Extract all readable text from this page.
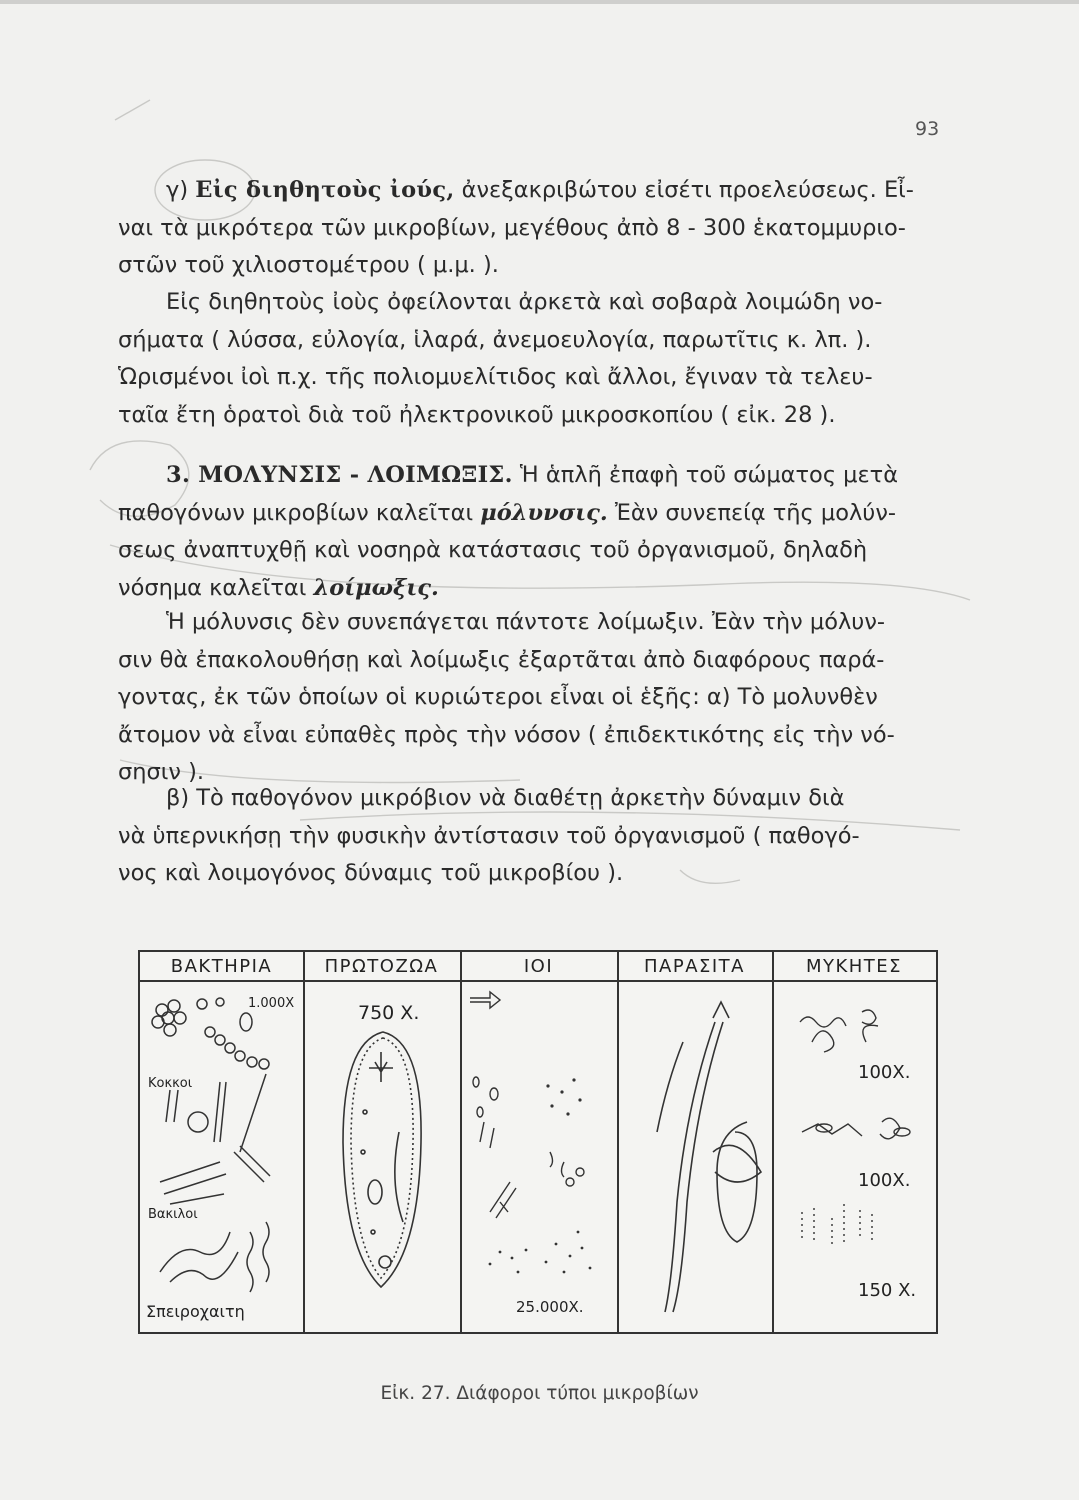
93
γ) Εἰς διηθητοὺς ἰούς, ἀνεξακριβώτου εἰσέτι προελεύσεως. Εἶ-
ναι τὰ μικρότερα τῶν μικροβίων, μεγέθους ἀπὸ 8 - 300 ἑκατομμυριο-
στῶν τοῦ χιλιοστομέτρου ( μ.μ. ).
Εἰς διηθητοὺς ἰοὺς ὀφείλονται ἀρκετὰ καὶ σοβαρὰ λοιμώδη νο-
σήματα ( λύσσα, εὐλογία, ἱλαρά, ἀνεμοευλογία, παρωτῖτις κ. λπ. ).
Ὡρισμένοι ἰοὶ π.χ. τῆς πολιομυελίτιδος καὶ ἄλλοι, ἔγιναν τὰ τελευ-
ταῖα ἔτη ὁρατοὶ διὰ τοῦ ἠλεκτρονικοῦ μικροσκοπίου ( εἰκ. 28 ).
3. ΜΟΛΥΝΣΙΣ - ΛΟΙΜΩΞΙΣ. Ἡ ἁπλῆ ἐπαφὴ τοῦ σώματος μετὰ
παθογόνων μικροβίων καλεῖται μόλυνσις. Ἐὰν συνεπείᾳ τῆς μολύν-
σεως ἀναπτυχθῇ καὶ νοσηρὰ κατάστασις τοῦ ὀργανισμοῦ, δηλαδὴ
νόσημα καλεῖται λοίμωξις.
Ἡ μόλυνσις δὲν συνεπάγεται πάντοτε λοίμωξιν. Ἐὰν τὴν μόλυν-
σιν θὰ ἐπακολουθήσῃ καὶ λοίμωξις ἐξαρτᾶται ἀπὸ διαφόρους παρά-
γοντας, ἐκ τῶν ὁποίων οἱ κυριώτεροι εἶναι οἱ ἑξῆς: α) Τὸ μολυνθὲν
ἄτομον νὰ εἶναι εὐπαθὲς πρὸς τὴν νόσον ( ἐπιδεκτικότης εἰς τὴν νό-
σησιν ).
β) Τὸ παθογόνον μικρόβιον νὰ διαθέτῃ ἀρκετὴν δύναμιν διὰ
νὰ ὑπερνικήσῃ τὴν φυσικὴν ἀντίστασιν τοῦ ὀργανισμοῦ ( παθογό-
νος καὶ λοιμογόνος δύναμις τοῦ μικροβίου ).
ΒΑΚΤΗΡΙΑ
1.000Χ
Κοκκοι
Βακιλοι
Σπειροχαιτη
ΠΡΩΤΟΖΩΑ
750 Χ.
ΙΟΙ
25.000Χ.
ΠΑΡΑΣΙΤΑ	ΜΥΚΗΤΕΣ
100Χ.
100Χ.
150 Χ.
Εἰκ. 27. Διάφοροι τύποι μικροβίων
